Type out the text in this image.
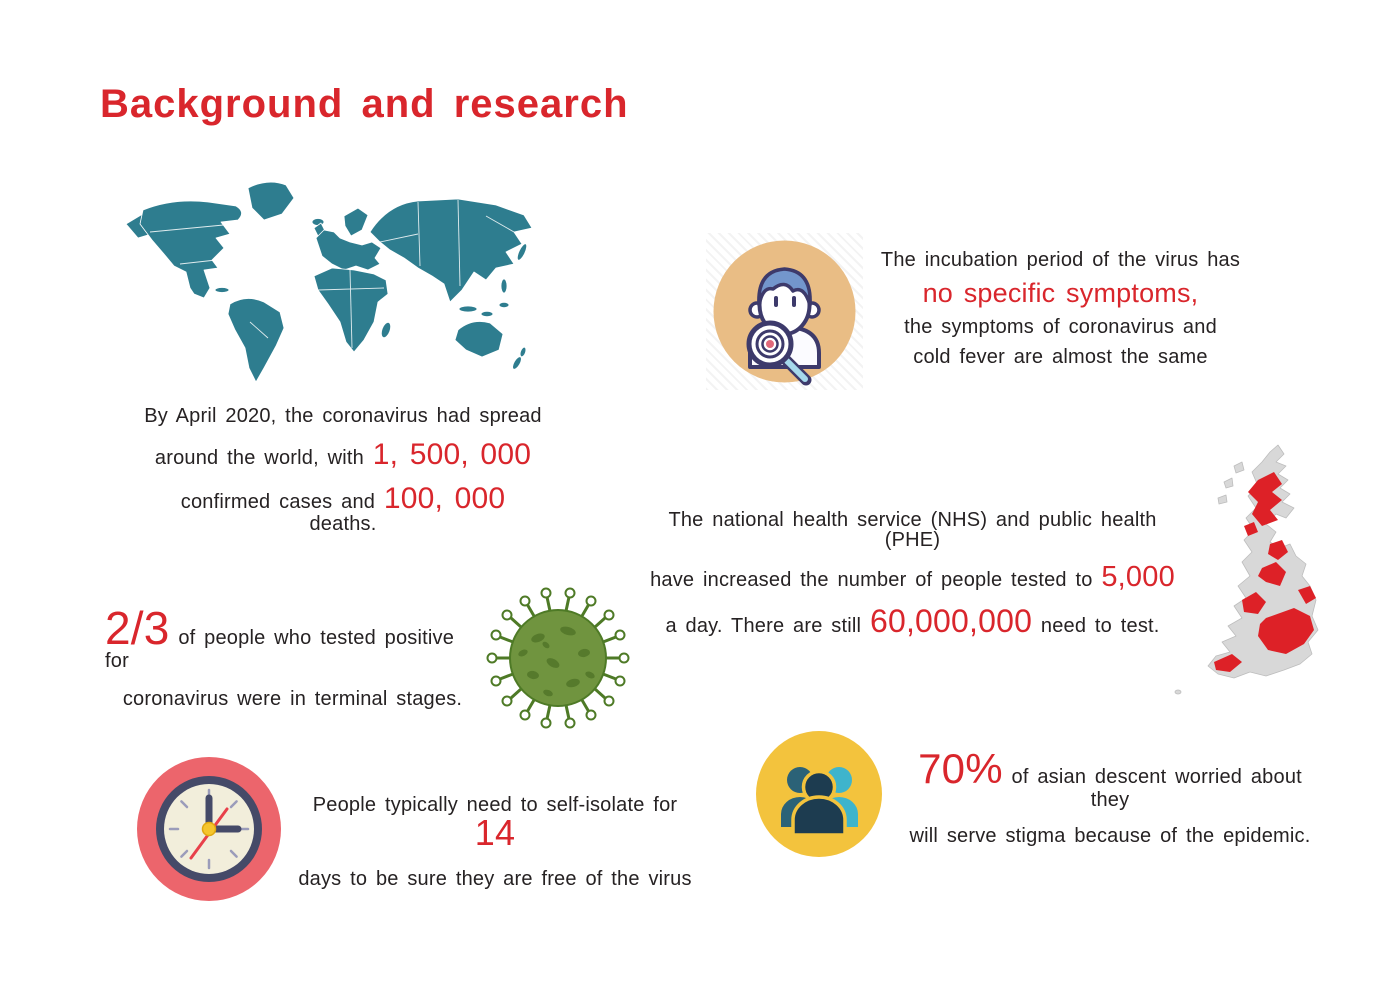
Background and research
By April 2020, the coronavirus had spread
around the world, with 1, 500, 000
confirmed cases and 100, 000 deaths.
The incubation period of the virus has
no specific symptoms,
the symptoms of coronavirus and
cold fever are almost the same
The national health service (NHS) and public health (PHE)
have increased the number of people tested to 5,000
a day. There are still 60,000,000 need to test.
2/3 of people who tested positive for
coronavirus were in terminal stages.
People typically need to self-isolate for 14
days to be sure they are free of the virus
70% of asian descent worried about they
will serve stigma because of the epidemic.
